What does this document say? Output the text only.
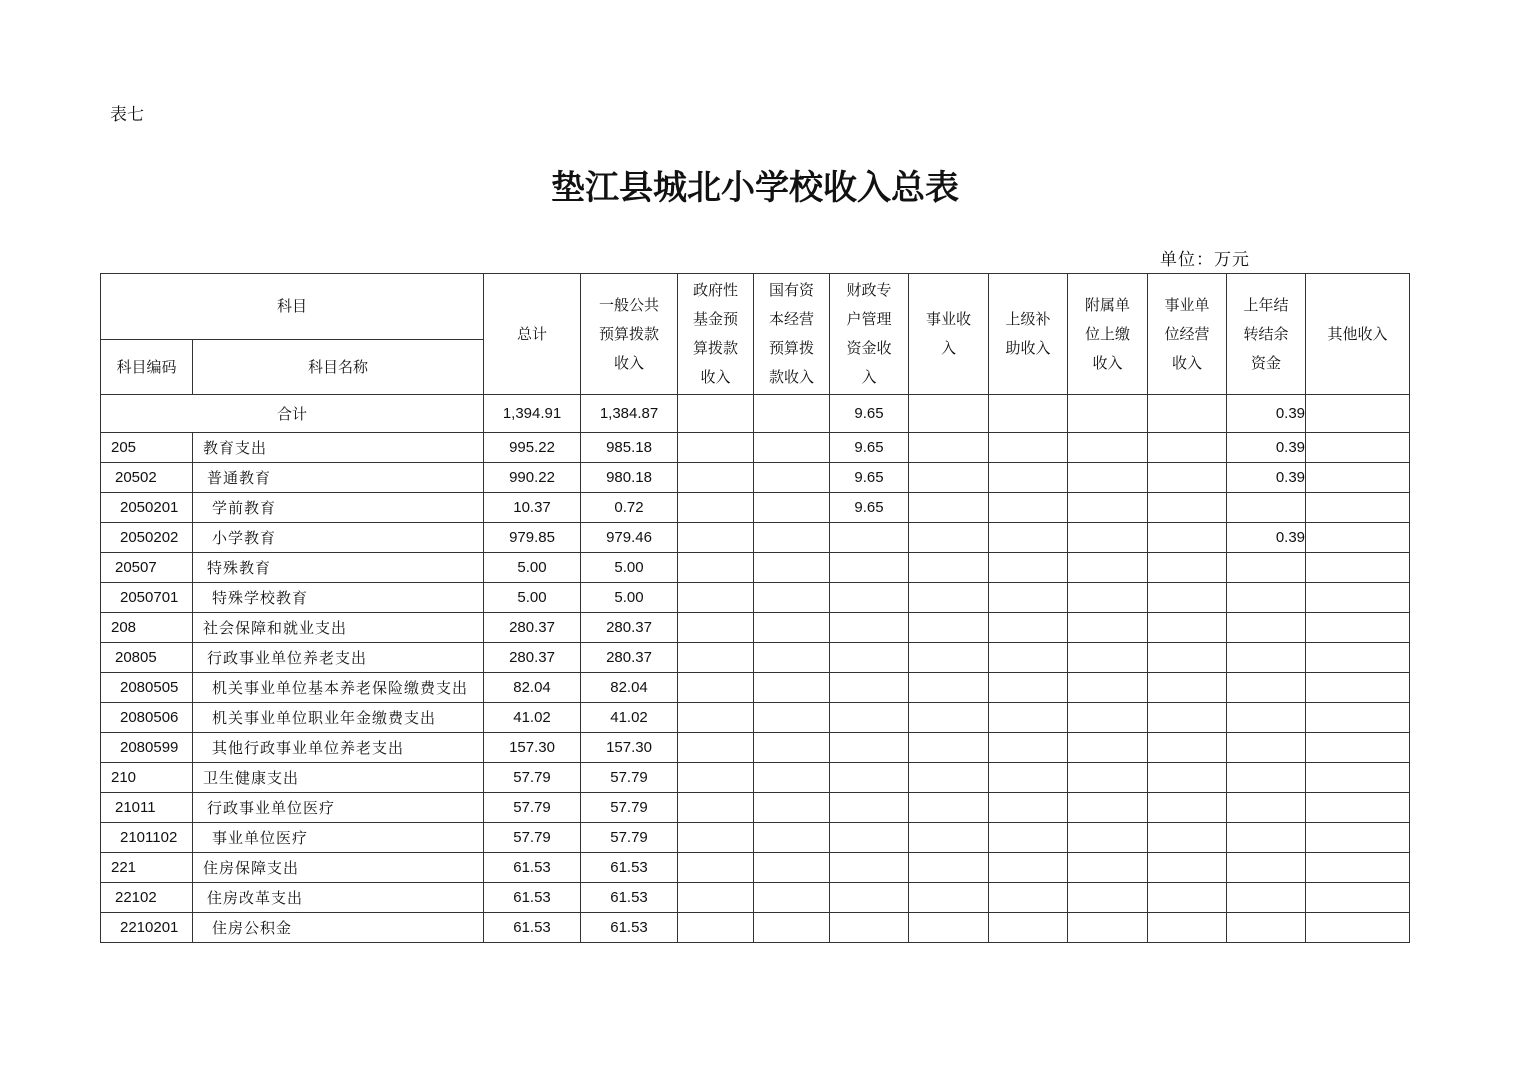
表七
垫江县城北小学校收入总表
单位：万元
科目		总计	一般公共预算拨款收入	政府性基金预算拨款收入	国有资本经营预算拨款收入	财政专户管理资金收入	事业收入	上级补助收入	附属单位上缴收入	事业单位经营收入	上年结转结余资金	其他收入
科目编码	科目名称											
合计		1,394.91	1,384.87			9.65					0.39	
205	教育支出	995.22	985.18			9.65					0.39	
20502	普通教育	990.22	980.18			9.65					0.39	
2050201	学前教育	10.37	0.72			9.65						
2050202	小学教育	979.85	979.46								0.39	
20507	特殊教育	5.00	5.00									
2050701	特殊学校教育	5.00	5.00									
208	社会保障和就业支出	280.37	280.37									
20805	行政事业单位养老支出	280.37	280.37									
2080505	机关事业单位基本养老保险缴费支出	82.04	82.04									
2080506	机关事业单位职业年金缴费支出	41.02	41.02									
2080599	其他行政事业单位养老支出	157.30	157.30									
210	卫生健康支出	57.79	57.79									
21011	行政事业单位医疗	57.79	57.79									
2101102	事业单位医疗	57.79	57.79									
221	住房保障支出	61.53	61.53									
22102	住房改革支出	61.53	61.53									
2210201	住房公积金	61.53	61.53									
